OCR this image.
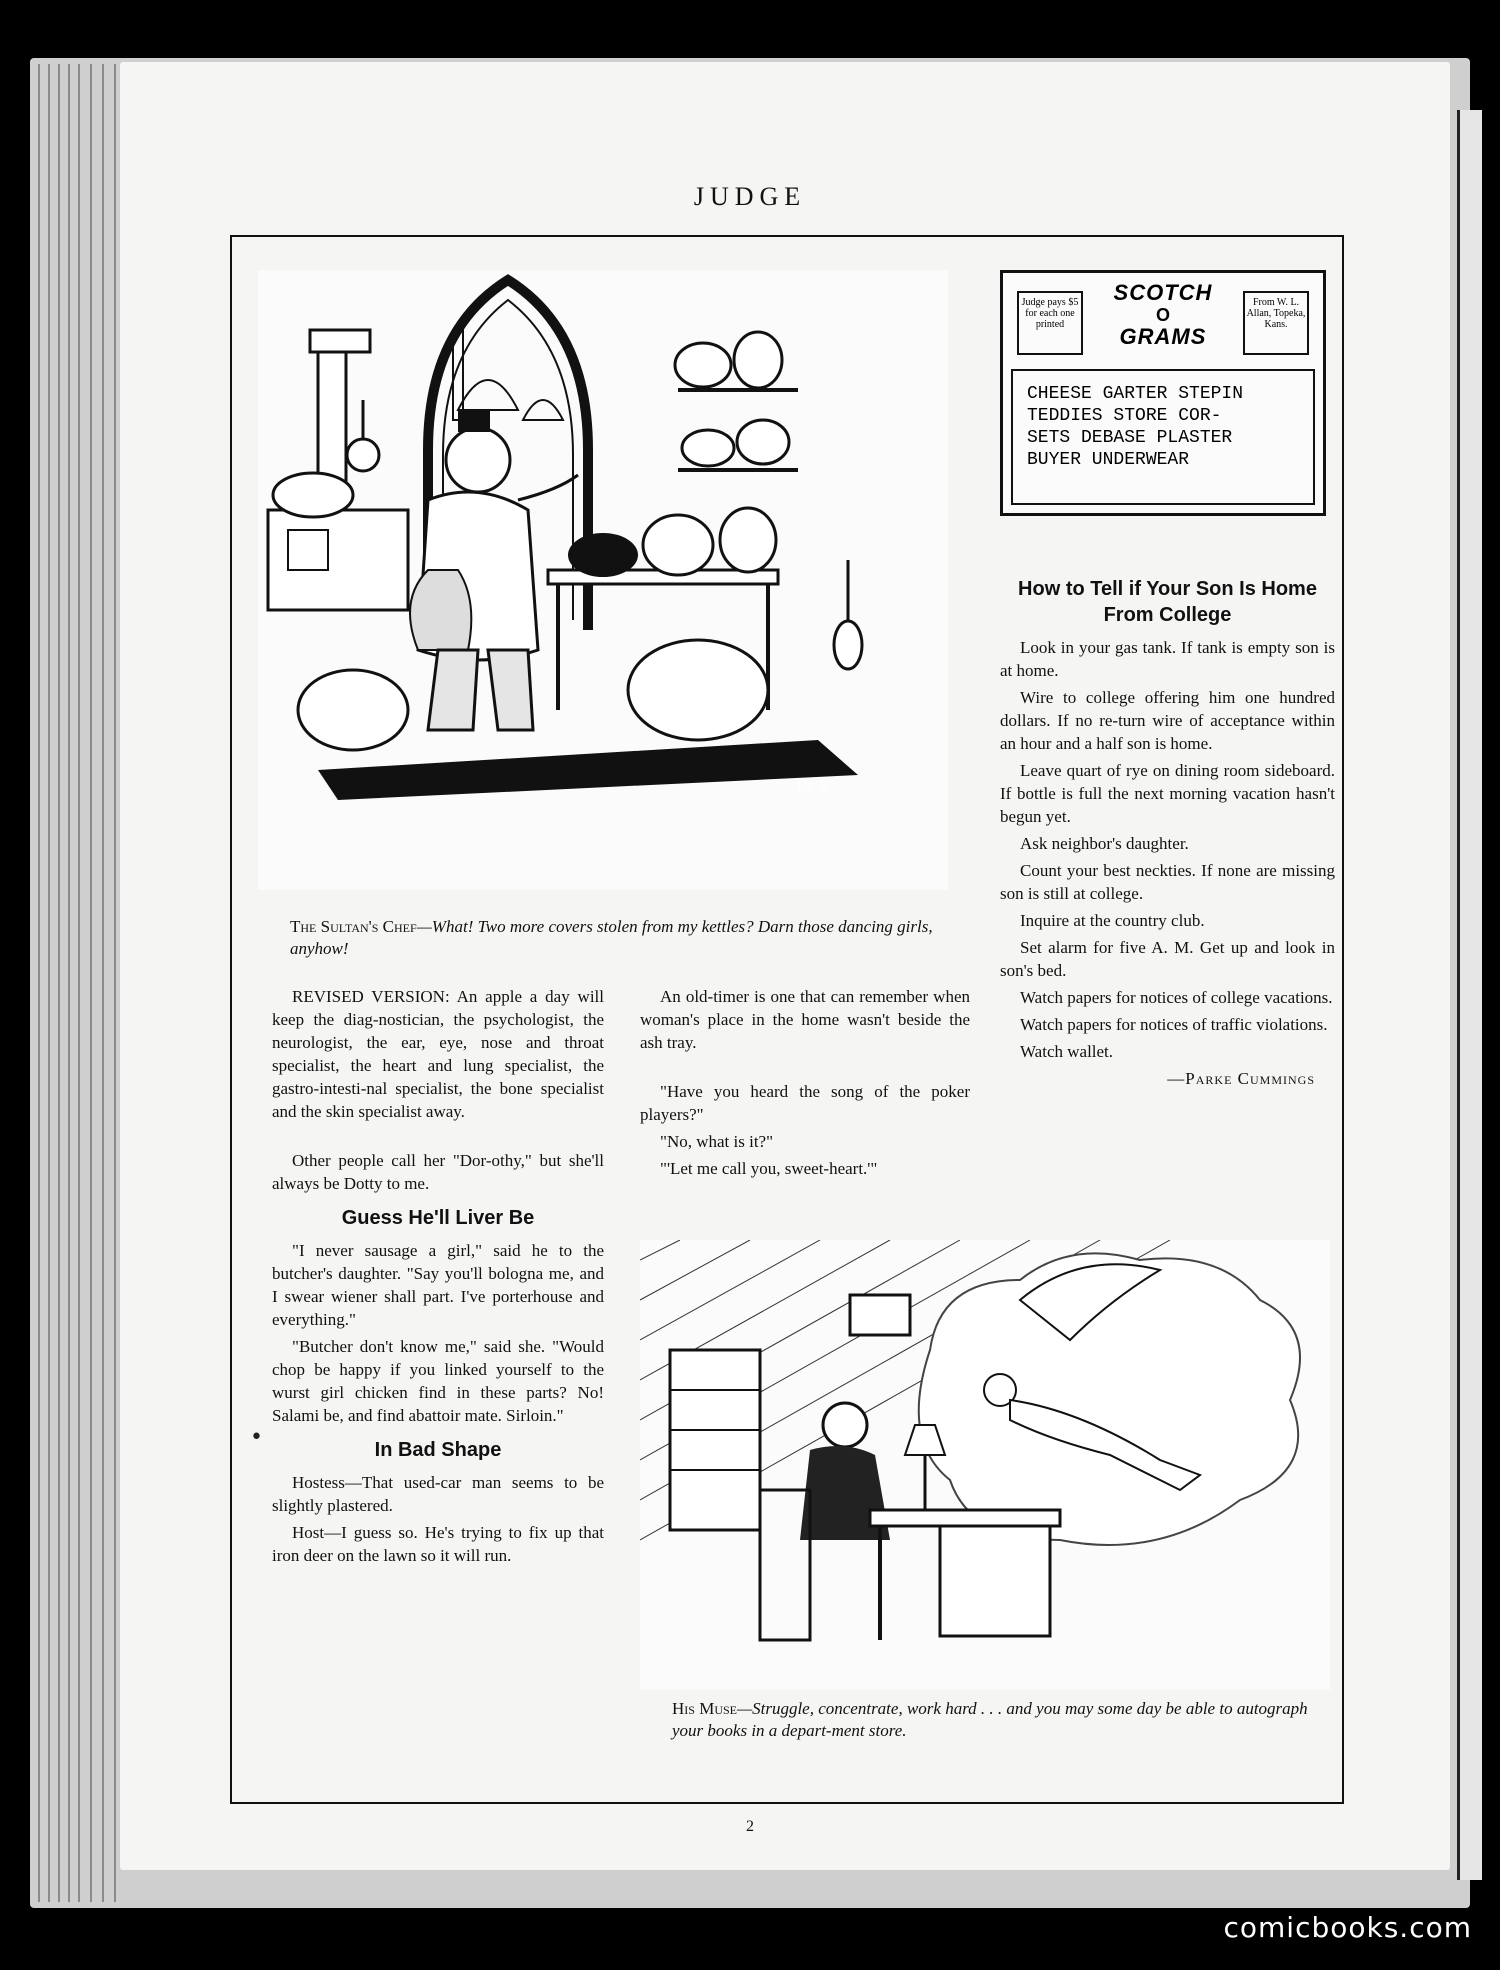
JUDGE
Dr. S.
The Sultan's Chef—What! Two more covers stolen from my kettles? Darn those dancing girls, anyhow!
Judge pays $5 for each one printed
SCOTCH
O
GRAMS
From W. L. Allan, Topeka, Kans.
CHEESE GARTER STEPIN
TEDDIES STORE COR-
SETS DEBASE PLASTER
BUYER UNDERWEAR
How to Tell if Your Son Is Home From College

Look in your gas tank. If tank is empty son is at home.

Wire to college offering him one hundred dollars. If no re-turn wire of acceptance within an hour and a half son is home.

Leave quart of rye on dining room sideboard. If bottle is full the next morning vacation hasn't begun yet.

Ask neighbor's daughter.

Count your best neckties. If none are missing son is still at college.

Inquire at the country club.

Set alarm for five A. M. Get up and look in son's bed.

Watch papers for notices of college vacations.

Watch papers for notices of traffic violations.

Watch wallet.

—Parke Cummings

REVISED VERSION: An apple a day will keep the diag-nostician, the psychologist, the neurologist, the ear, eye, nose and throat specialist, the heart and lung specialist, the gastro-intesti-nal specialist, the bone specialist and the skin specialist away.

Other people call her "Dor-othy," but she'll always be Dotty to me.

Guess He'll Liver Be

"I never sausage a girl," said he to the butcher's daughter. "Say you'll bologna me, and I swear wiener shall part. I've porterhouse and everything."

"Butcher don't know me," said she. "Would chop be happy if you linked yourself to the wurst girl chicken find in these parts? No! Salami be, and find abattoir mate. Sirloin."

In Bad Shape

Hostess—That used-car man seems to be slightly plastered.

Host—I guess so. He's trying to fix up that iron deer on the lawn so it will run.

An old-timer is one that can remember when woman's place in the home wasn't beside the ash tray.

"Have you heard the song of the poker players?"

"No, what is it?"

"'Let me call you, sweet-heart.'"

His Muse—Struggle, concentrate, work hard . . . and you may some day be able to autograph your books in a depart-ment store.
•
2
comicbooks.com
